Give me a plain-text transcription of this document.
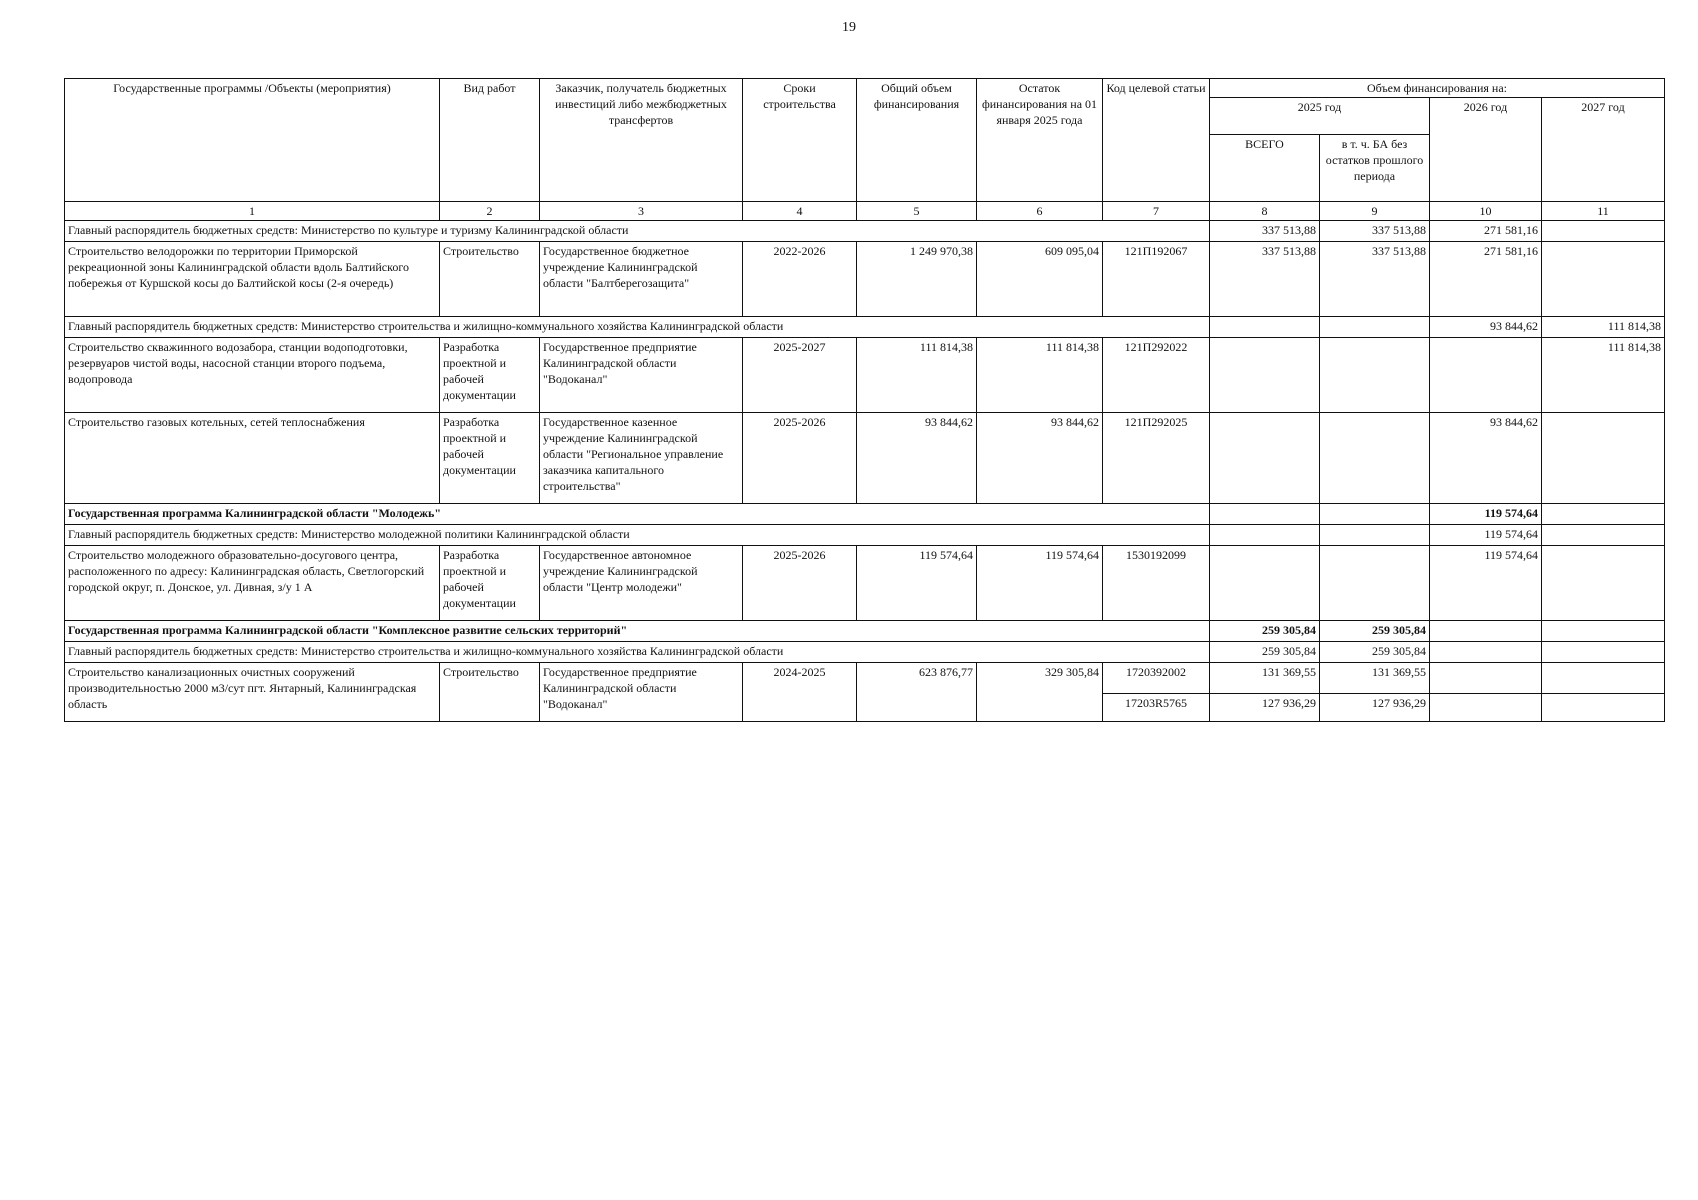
19
Государственные программы /Объекты (мероприятия)	Вид работ	Заказчик, получатель бюджетных инвестиций либо межбюджетных трансфертов	Сроки строительства	Общий объем финансирования	Остаток финансирования на 01 января 2025 года	Код целевой статьи	Объем финансирования на:			
							2025 год		2026 год	2027 год
							ВСЕГО	в т. ч. БА без остатков прошлого периода		
1	2	3	4	5	6	7	8	9	10	11
Главный распорядитель бюджетных средств: Министерство по культуре и туризму Калининградской области							337 513,88	337 513,88	271 581,16	
Строительство велодорожки по территории Приморской рекреационной зоны Калининградской области вдоль Балтийского побережья от Куршской косы до Балтийской косы (2-я очередь)	Строительство	Государственное бюджетное учреждение Калининградской области "Балтберегозащита"	2022-2026	1 249 970,38	609 095,04	121П192067	337 513,88	337 513,88	271 581,16	
Главный распорядитель бюджетных средств: Министерство строительства и жилищно-коммунального хозяйства Калининградской области									93 844,62	111 814,38
Строительство скважинного водозабора, станции водоподготовки, резервуаров чистой воды, насосной станции второго подъема, водопровода	Разработка проектной и рабочей документации	Государственное предприятие Калининградской области "Водоканал"	2025-2027	111 814,38	111 814,38	121П292022				111 814,38
Строительство газовых котельных, сетей теплоснабжения	Разработка проектной и рабочей документации	Государственное казенное учреждение Калининградской области "Региональное управление заказчика капитального строительства"	2025-2026	93 844,62	93 844,62	121П292025			93 844,62	
Государственная программа Калининградской области "Молодежь"									119 574,64	
Главный распорядитель бюджетных средств: Министерство молодежной политики Калининградской области									119 574,64	
Строительство молодежного образовательно-досугового центра, расположенного по адресу: Калининградская область, Светлогорский городской округ, п. Донское, ул. Дивная, з/у 1 А	Разработка проектной и рабочей документации	Государственное автономное учреждение Калининградской области "Центр молодежи"	2025-2026	119 574,64	119 574,64	1530192099			119 574,64	
Государственная программа Калининградской области "Комплексное развитие сельских территорий"							259 305,84	259 305,84		
Главный распорядитель бюджетных средств: Министерство строительства и жилищно-коммунального хозяйства Калининградской области							259 305,84	259 305,84		
Строительство канализационных очистных сооружений производительностью 2000 м3/сут пгт. Янтарный, Калининградская область	Строительство	Государственное предприятие Калининградской области "Водоканал"	2024-2025	623 876,77	329 305,84	1720392002	131 369,55	131 369,55		
						17203R5765	127 936,29	127 936,29		
